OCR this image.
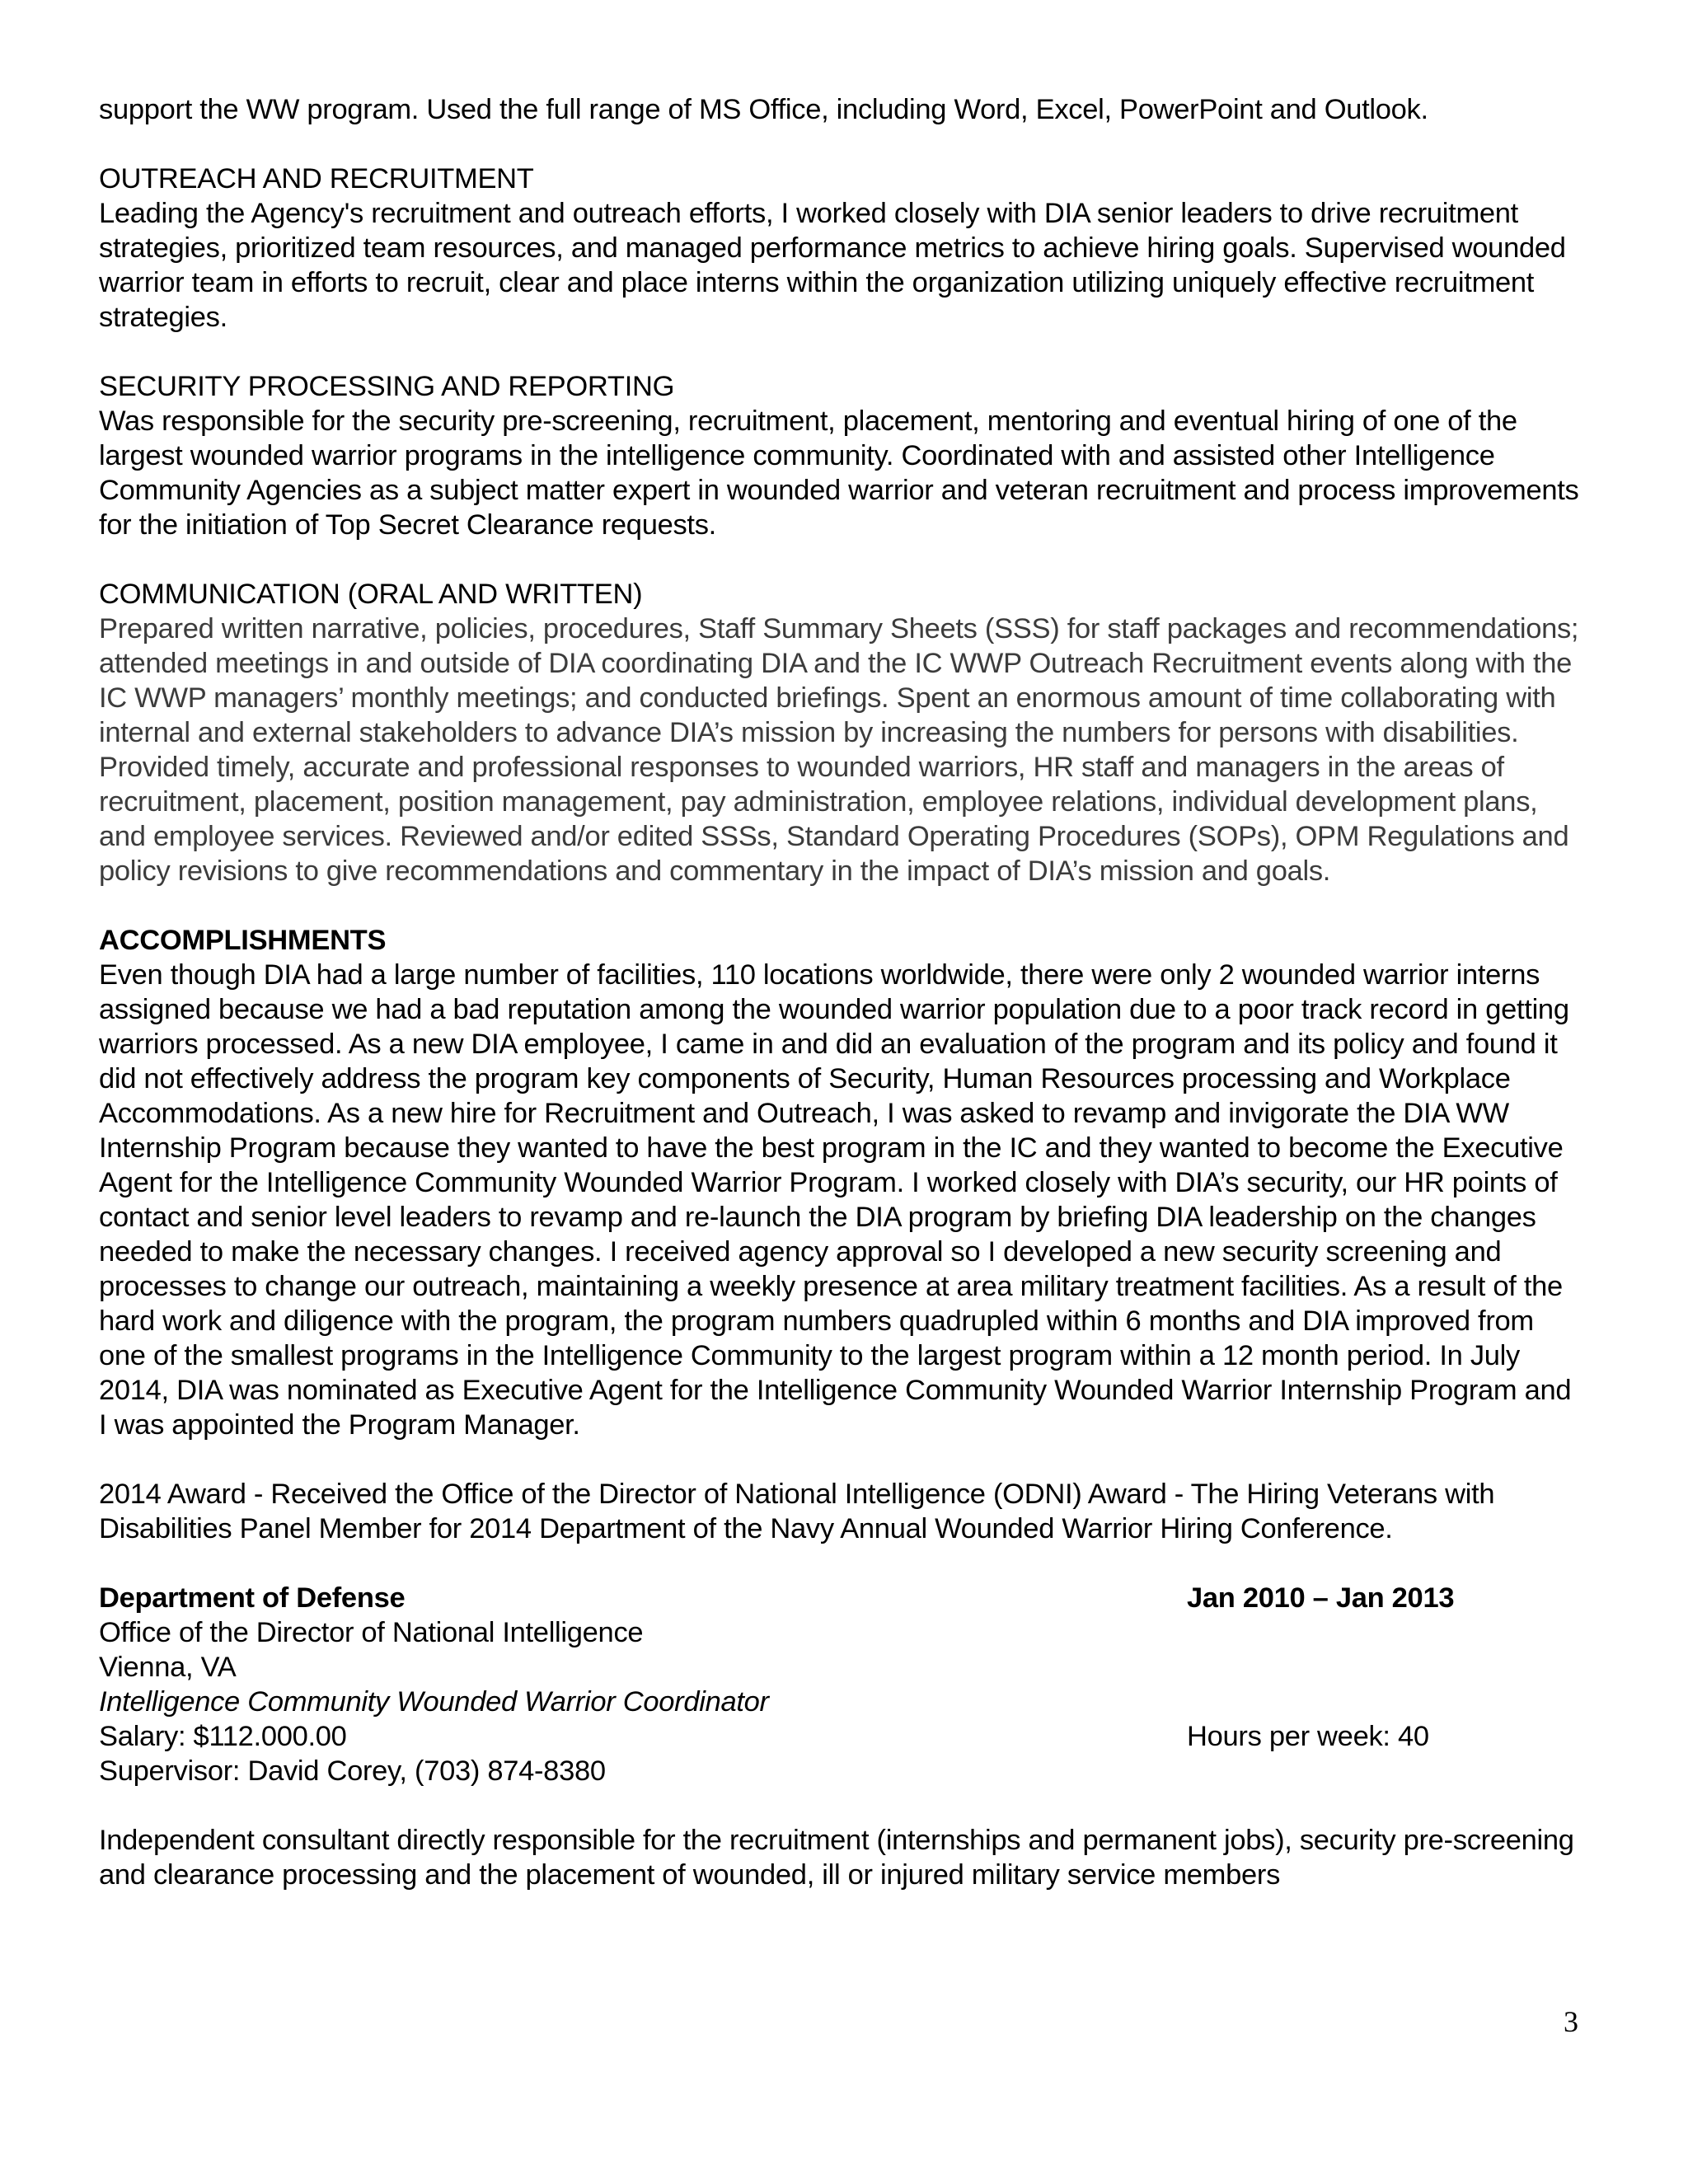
support the WW program. Used the full range of MS Office, including Word, Excel, PowerPoint and Outlook.

OUTREACH AND RECRUITMENT

Leading the Agency's recruitment and outreach efforts, I worked closely with DIA senior leaders to drive recruitment strategies, prioritized team resources, and managed performance metrics to achieve hiring goals. Supervised wounded warrior team in efforts to recruit, clear and place interns within the organization utilizing uniquely effective recruitment strategies.

SECURITY PROCESSING AND REPORTING

Was responsible for the security pre-screening, recruitment, placement, mentoring and eventual hiring of one of the largest wounded warrior programs in the intelligence community. Coordinated with and assisted other Intelligence Community Agencies as a subject matter expert in wounded warrior and veteran recruitment and process improvements for the initiation of Top Secret Clearance requests.

COMMUNICATION (ORAL AND WRITTEN)

Prepared written narrative, policies, procedures, Staff Summary Sheets (SSS) for staff packages and recommendations; attended meetings in and outside of DIA coordinating DIA and the IC WWP Outreach Recruitment events along with the IC WWP managers’ monthly meetings; and conducted briefings. Spent an enormous amount of time collaborating with internal and external stakeholders to advance DIA’s mission by increasing the numbers for persons with disabilities. Provided timely, accurate and professional responses to wounded warriors, HR staff and managers in the areas of recruitment, placement, position management, pay administration, employee relations, individual development plans, and employee services. Reviewed and/or edited SSSs, Standard Operating Procedures (SOPs), OPM Regulations and policy revisions to give recommendations and commentary in the impact of DIA’s mission and goals.

ACCOMPLISHMENTS

Even though DIA had a large number of facilities, 110 locations worldwide, there were only 2 wounded warrior interns assigned because we had a bad reputation among the wounded warrior population due to a poor track record in getting warriors processed. As a new DIA employee, I came in and did an evaluation of the program and its policy and found it did not effectively address the program key components of Security, Human Resources processing and Workplace Accommodations. As a new hire for Recruitment and Outreach, I was asked to revamp and invigorate the DIA WW Internship Program because they wanted to have the best program in the IC and they wanted to become the Executive Agent for the Intelligence Community Wounded Warrior Program. I worked closely with DIA’s security, our HR points of contact and senior level leaders to revamp and re-launch the DIA program by briefing DIA leadership on the changes needed to make the necessary changes. I received agency approval so I developed a new security screening and processes to change our outreach, maintaining a weekly presence at area military treatment facilities. As a result of the hard work and diligence with the program, the program numbers quadrupled within 6 months and DIA improved from one of the smallest programs in the Intelligence Community to the largest program within a 12 month period. In July 2014, DIA was nominated as Executive Agent for the Intelligence Community Wounded Warrior Internship Program and I was appointed the Program Manager.

2014 Award - Received the Office of the Director of National Intelligence (ODNI) Award - The Hiring Veterans with Disabilities Panel Member for 2014 Department of the Navy Annual Wounded Warrior Hiring Conference.

Department of Defense	Jan 2010 – Jan 2013
Office of the Director of National Intelligence
Vienna, VA
Intelligence Community Wounded Warrior Coordinator
Salary: $112.000.00	Hours per week: 40
Supervisor: David Corey, (703) 874-8380

Independent consultant directly responsible for the recruitment (internships and permanent jobs), security pre-screening and clearance processing and the placement of wounded, ill or injured military service members

3
